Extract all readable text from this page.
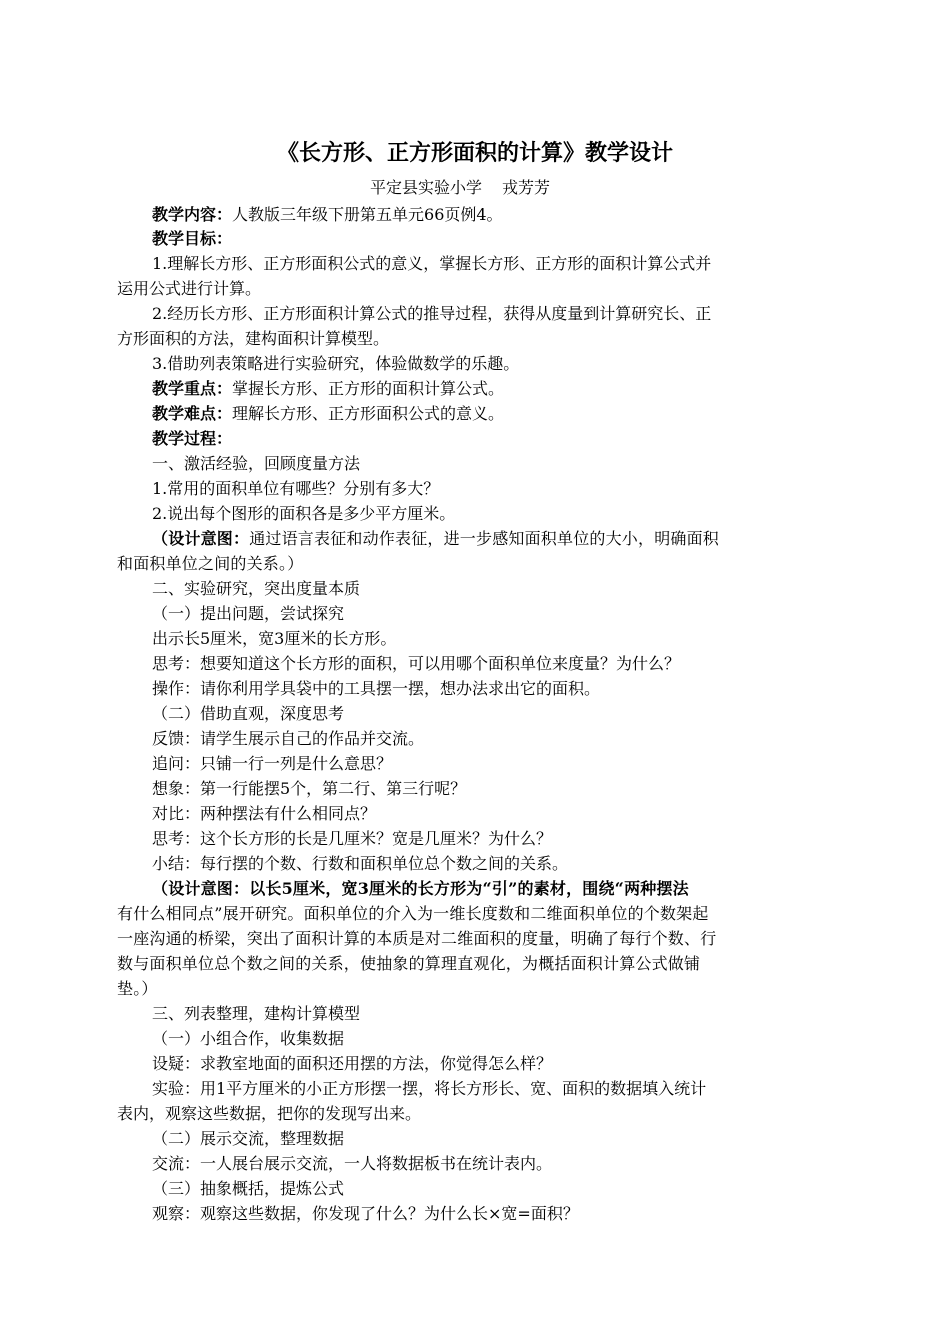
《长方形、正方形面积的计算》教学设计
平定县实验小学 戎芳芳
教学内容：人教版三年级下册第五单元66页例4。
教学目标：
1.理解长方形、正方形面积公式的意义，掌握长方形、正方形的面积计算公式并
运用公式进行计算。
2.经历长方形、正方形面积计算公式的推导过程，获得从度量到计算研究长、正
方形面积的方法，建构面积计算模型。
3.借助列表策略进行实验研究，体验做数学的乐趣。
教学重点：掌握长方形、正方形的面积计算公式。
教学难点：理解长方形、正方形面积公式的意义。
教学过程：
一、激活经验，回顾度量方法
1.常用的面积单位有哪些？分别有多大？
2.说出每个图形的面积各是多少平方厘米。
（设计意图：通过语言表征和动作表征，进一步感知面积单位的大小，明确面积
和面积单位之间的关系。）
二、实验研究，突出度量本质
（一）提出问题，尝试探究
出示长5厘米，宽3厘米的长方形。
思考：想要知道这个长方形的面积，可以用哪个面积单位来度量？为什么？
操作：请你利用学具袋中的工具摆一摆，想办法求出它的面积。
（二）借助直观，深度思考
反馈：请学生展示自己的作品并交流。
追问：只铺一行一列是什么意思？
想象：第一行能摆5个，第二行、第三行呢？
对比：两种摆法有什么相同点？
思考：这个长方形的长是几厘米？宽是几厘米？为什么？
小结：每行摆的个数、行数和面积单位总个数之间的关系。
（设计意图：以长5厘米，宽3厘米的长方形为“引”的素材，围绕“两种摆法
有什么相同点”展开研究。面积单位的介入为一维长度数和二维面积单位的个数架起
一座沟通的桥梁，突出了面积计算的本质是对二维面积的度量，明确了每行个数、行
数与面积单位总个数之间的关系，使抽象的算理直观化，为概括面积计算公式做铺
垫。）
三、列表整理，建构计算模型
（一）小组合作，收集数据
设疑：求教室地面的面积还用摆的方法，你觉得怎么样？
实验：用1平方厘米的小正方形摆一摆，将长方形长、宽、面积的数据填入统计
表内，观察这些数据，把你的发现写出来。
（二）展示交流，整理数据
交流：一人展台展示交流，一人将数据板书在统计表内。
（三）抽象概括，提炼公式
观察：观察这些数据，你发现了什么？为什么长×宽=面积？
